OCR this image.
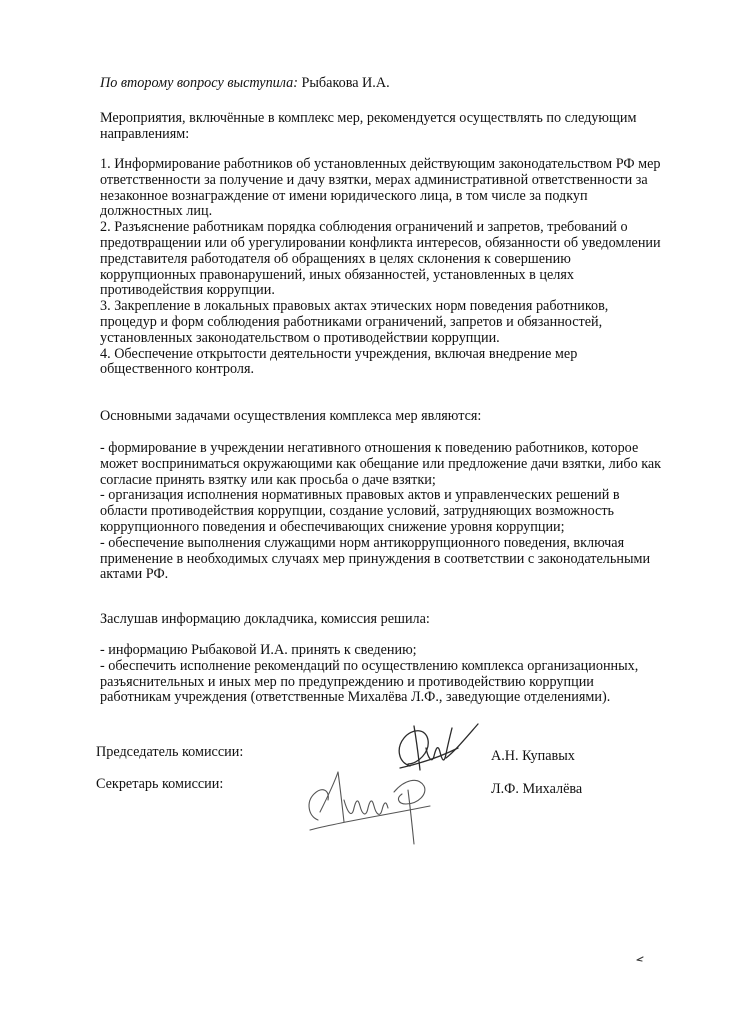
По второму вопросу выступила: Рыбакова И.А.

Мероприятия, включённые в комплекс мер, рекомендуется осуществлять по следующим
направлениям:
1. Информирование работников об установленных действующим законодательством РФ мер
ответственности за получение и дачу взятки, мерах административной ответственности за
незаконное вознаграждение от имени юридического лица, в том числе за подкуп
должностных лиц.
2. Разъяснение работникам порядка соблюдения ограничений и запретов, требований о
предотвращении или об урегулировании конфликта интересов, обязанности об уведомлении
представителя работодателя об обращениях в целях склонения к совершению
коррупционных правонарушений, иных обязанностей, установленных в целях
противодействия коррупции.
3. Закрепление в локальных правовых актах этических норм поведения работников,
процедур и форм соблюдения работниками ограничений, запретов и обязанностей,
установленных законодательством о противодействии коррупции.
4. Обеспечение открытости деятельности учреждения, включая внедрение мер
общественного контроля.

Основными задачами осуществления комплекса мер являются:

- формирование в учреждении негативного отношения к поведению работников, которое
может восприниматься окружающими как обещание или предложение дачи взятки, либо как
согласие принять взятку или как просьба о даче взятки;
- организация исполнения нормативных правовых актов и управленческих решений в
области противодействия коррупции, создание условий, затрудняющих возможность
коррупционного поведения и обеспечивающих снижение уровня коррупции;
- обеспечение выполнения служащими норм антикоррупционного поведения, включая
применение в необходимых случаях мер принуждения в соответствии с законодательными
актами РФ.

Заслушав информацию докладчика, комиссия решила:

- информацию Рыбаковой И.А. принять к сведению;
- обеспечить исполнение рекомендаций по осуществлению комплекса организационных,
разъяснительных и иных мер по предупреждению и противодействию коррупции
работникам учреждения (ответственные Михалёва Л.Ф., заведующие отделениями).

Председатель комиссии:	А.Н. Купавых

Секретарь комиссии:	Л.Ф. Михалёва
